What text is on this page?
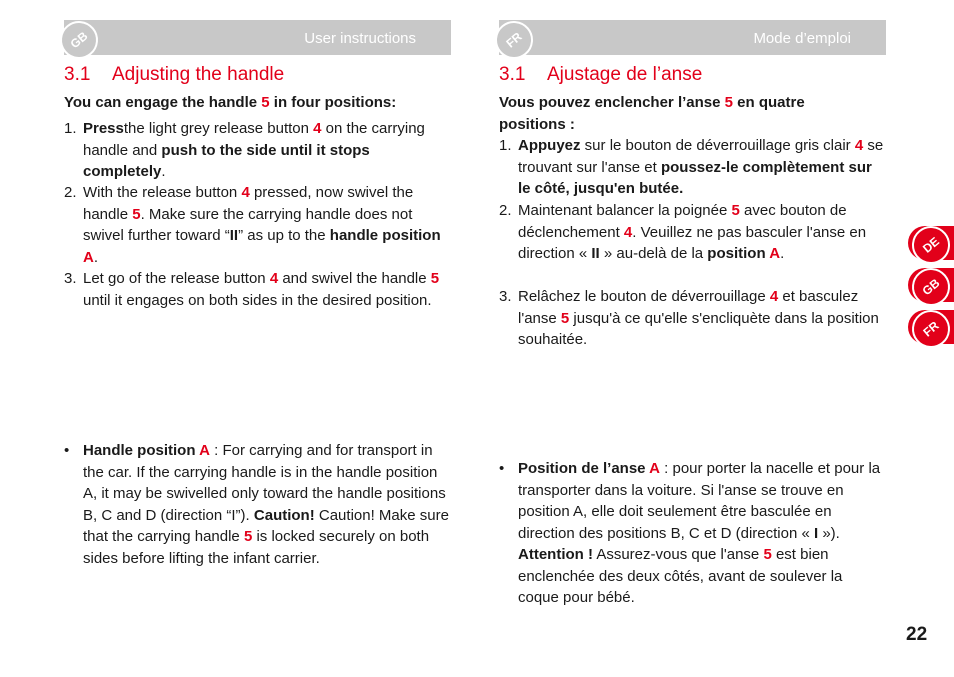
User instructions
GB
3.1 Adjusting the handle

You can engage the handle 5 in four positions:

1. Pressthe light grey release button 4 on the carrying handle and push to the side until it stops completely.
2. With the release button 4 pressed, now swivel the handle 5. Make sure the carrying handle does not swivel further toward “II” as up to the handle position A.
3. Let go of the release button 4 and swivel the handle 5 until it engages on both sides in the desired position.
• Handle position A : For carrying and for transport in the car. If the carrying handle is in the handle position A, it may be swivelled only toward the handle positions B, C and D (direction “I”). Caution! Caution! Make sure that the carrying handle 5 is locked securely on both sides before lifting the infant carrier.
Mode d’emploi
FR
3.1 Ajustage de l’anse

Vous pouvez enclencher l’anse 5 en quatre positions :

1. Appuyez sur le bouton de déverrouillage gris clair 4 se trouvant sur l'anse et poussez-le complètement sur le côté, jusqu'en butée.
2. Maintenant balancer la poignée 5 avec bouton de déclenchement 4. Veuillez ne pas basculer l'anse en direction « II » au-delà de la position A.
3. Relâchez le bouton de déverrouillage 4 et basculez l'anse 5 jusqu'à ce qu'elle s'encliquète dans la position souhaitée.
• Position de l’anse A : pour porter la nacelle et pour la transporter dans la voiture. Si l'anse se trouve en position A, elle doit seulement être basculée en direction des positions B, C et D (direction « I »). Attention ! Assurez-vous que l'anse 5 est bien enclenchée des deux côtés, avant de soulever la coque pour bébé.
DE
GB
FR
22
